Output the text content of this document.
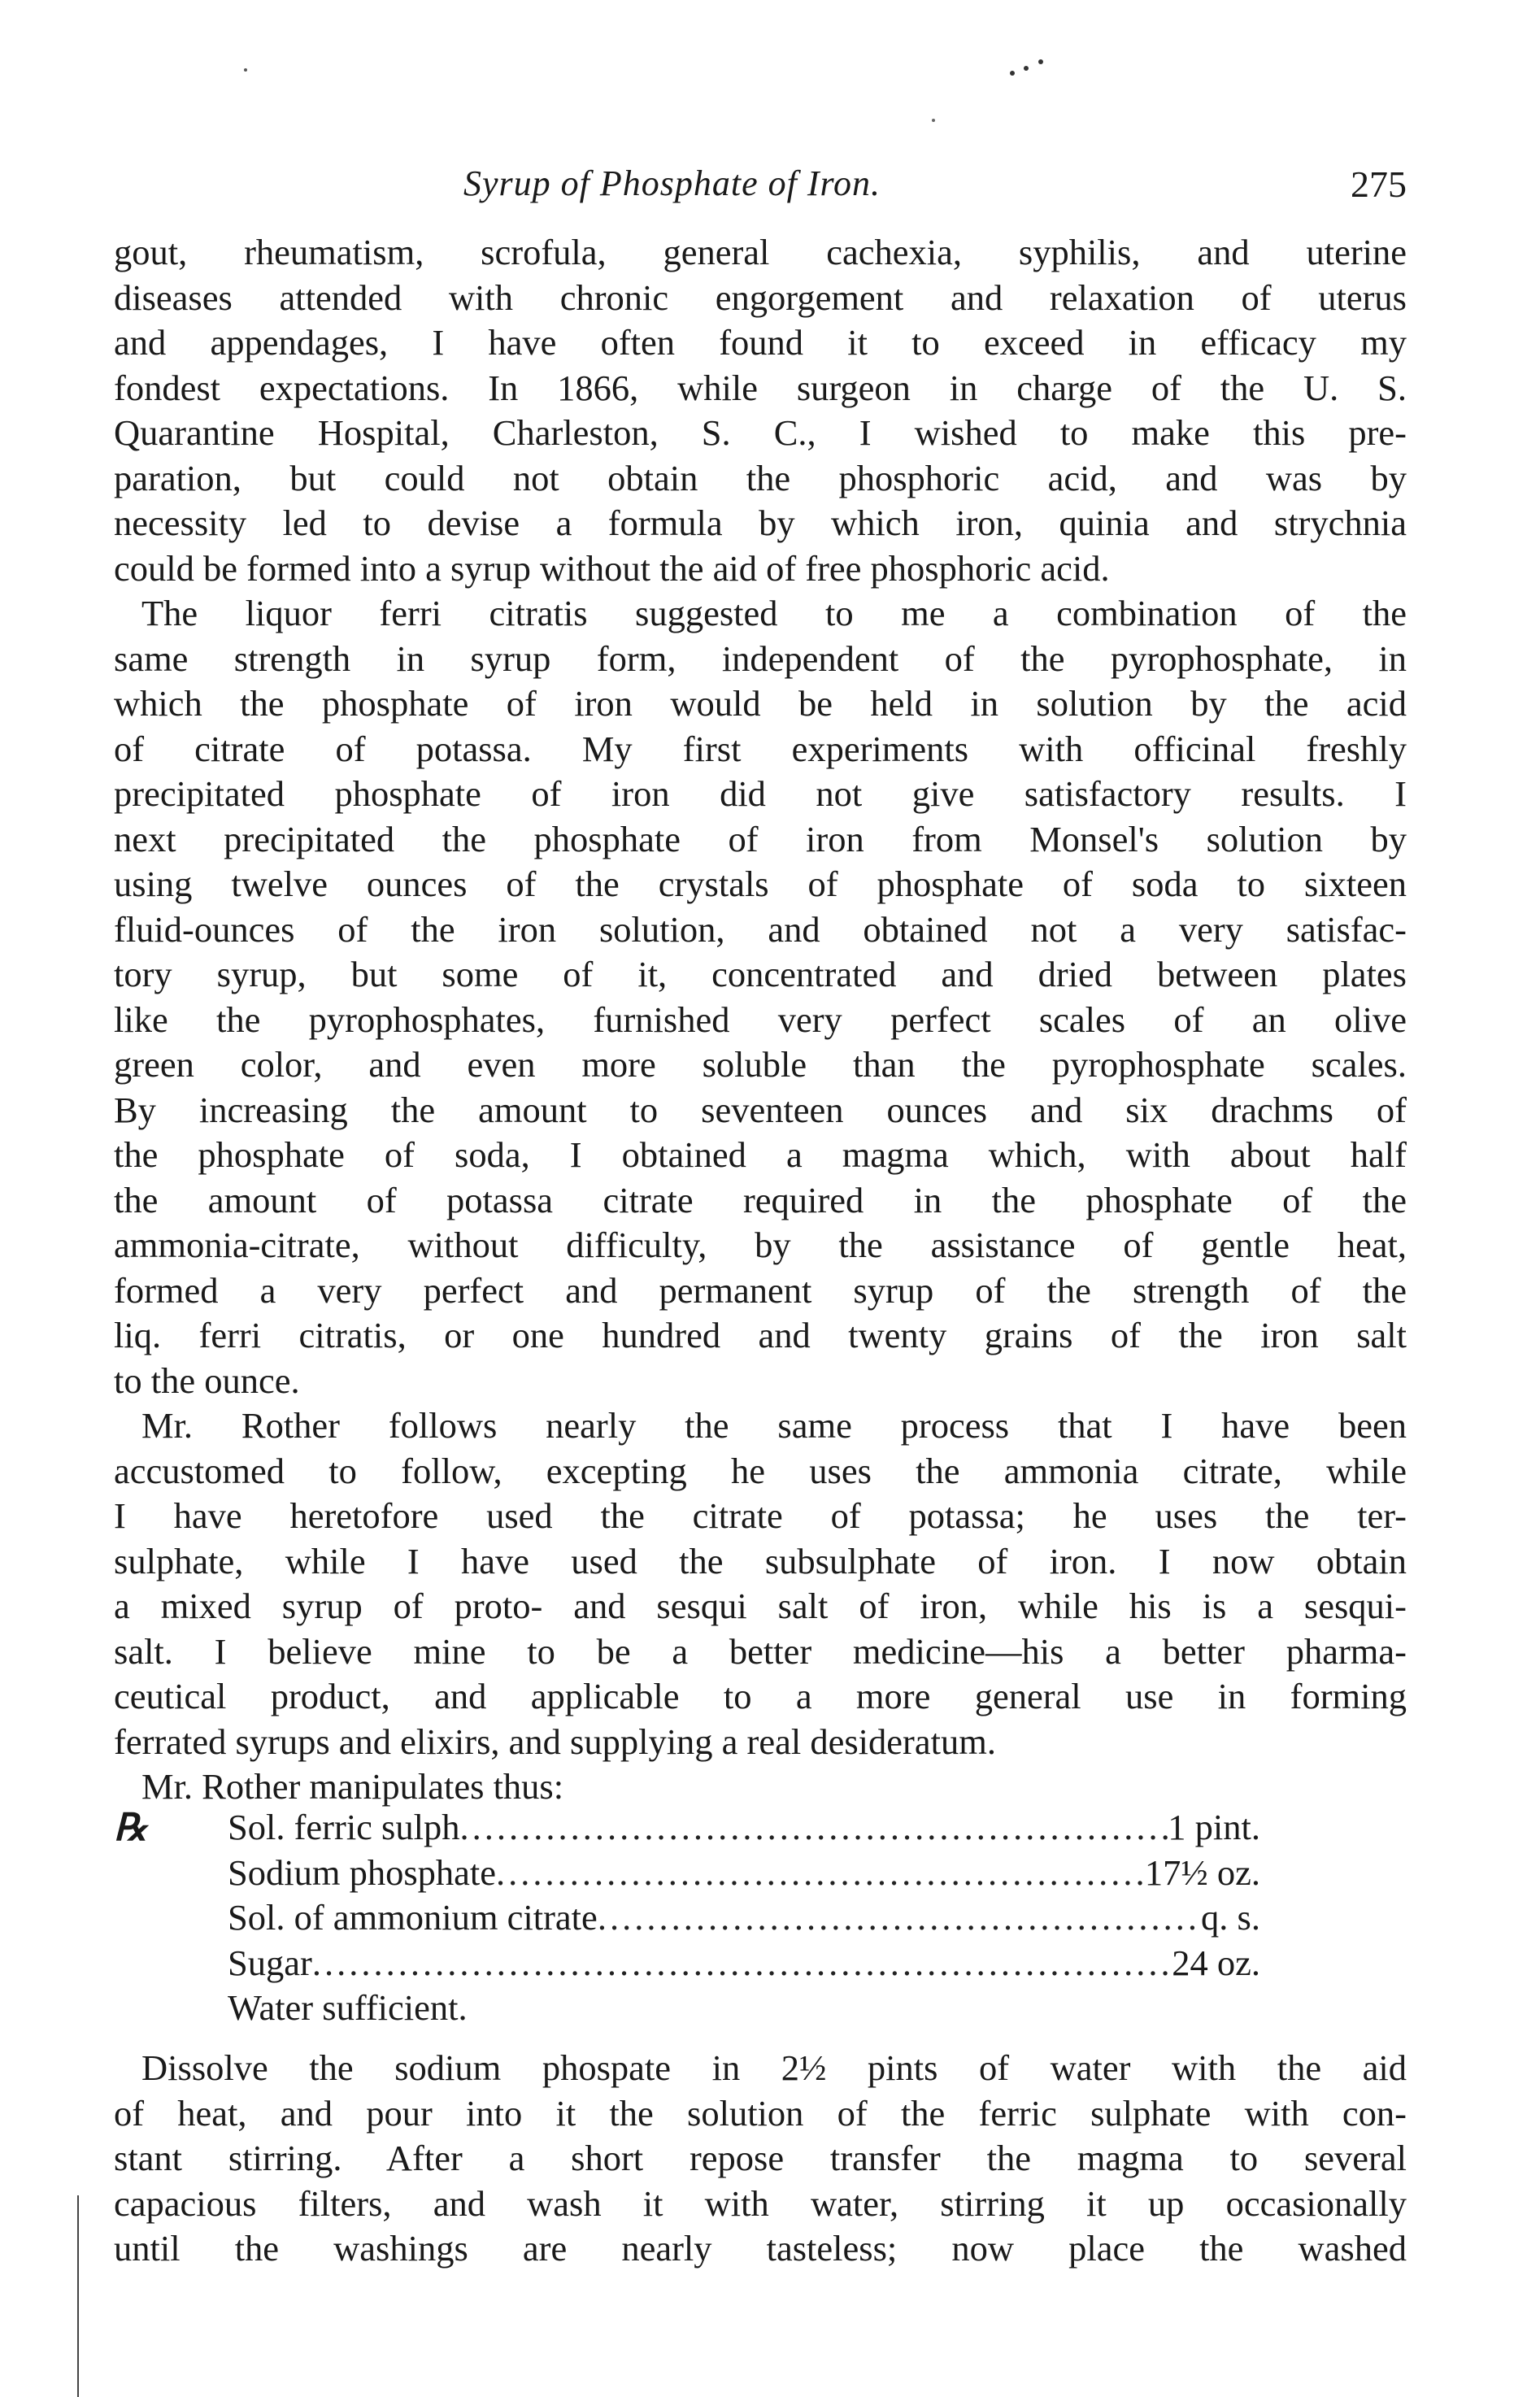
Syrup of Phosphate of Iron.	275
gout, rheumatism, scrofula, general cachexia, syphilis, and uterine
diseases attended with chronic engorgement and relaxation of uterus
and appendages, I have often found it to exceed in efficacy my
fondest expectations. In 1866, while surgeon in charge of the U. S.
Quarantine Hospital, Charleston, S. C., I wished to make this pre-
paration, but could not obtain the phosphoric acid, and was by
necessity led to devise a formula by which iron, quinia and strychnia
could be formed into a syrup without the aid of free phosphoric acid.
The liquor ferri citratis suggested to me a combination of the
same strength in syrup form, independent of the pyrophosphate, in
which the phosphate of iron would be held in solution by the acid
of citrate of potassa. My first experiments with officinal freshly
precipitated phosphate of iron did not give satisfactory results. I
next precipitated the phosphate of iron from Monsel's solution by
using twelve ounces of the crystals of phosphate of soda to sixteen
fluid-ounces of the iron solution, and obtained not a very satisfac-
tory syrup, but some of it, concentrated and dried between plates
like the pyrophosphates, furnished very perfect scales of an olive
green color, and even more soluble than the pyrophosphate scales.
By increasing the amount to seventeen ounces and six drachms of
the phosphate of soda, I obtained a magma which, with about half
the amount of potassa citrate required in the phosphate of the
ammonia-citrate, without difficulty, by the assistance of gentle heat,
formed a very perfect and permanent syrup of the strength of the
liq. ferri citratis, or one hundred and twenty grains of the iron salt
to the ounce.
Mr. Rother follows nearly the same process that I have been
accustomed to follow, excepting he uses the ammonia citrate, while
I have heretofore used the citrate of potassa; he uses the ter-
sulphate, while I have used the subsulphate of iron. I now obtain
a mixed syrup of proto- and sesqui salt of iron, while his is a sesqui-
salt. I believe mine to be a better medicine—his a better pharma-
ceutical product, and applicable to a more general use in forming
ferrated syrups and elixirs, and supplying a real desideratum.
Mr. Rother manipulates thus:
℞ Sol. ferric sulph .....	1 pint.
Sodium phosphate .....	17½ oz.
Sol. of ammonium citrate .....	q. s.
Sugar .....	24 oz.
Water sufficient.
Dissolve the sodium phospate in 2½ pints of water with the aid
of heat, and pour into it the solution of the ferric sulphate with con-
stant stirring. After a short repose transfer the magma to several
capacious filters, and wash it with water, stirring it up occasionally
until the washings are nearly tasteless; now place the washed
